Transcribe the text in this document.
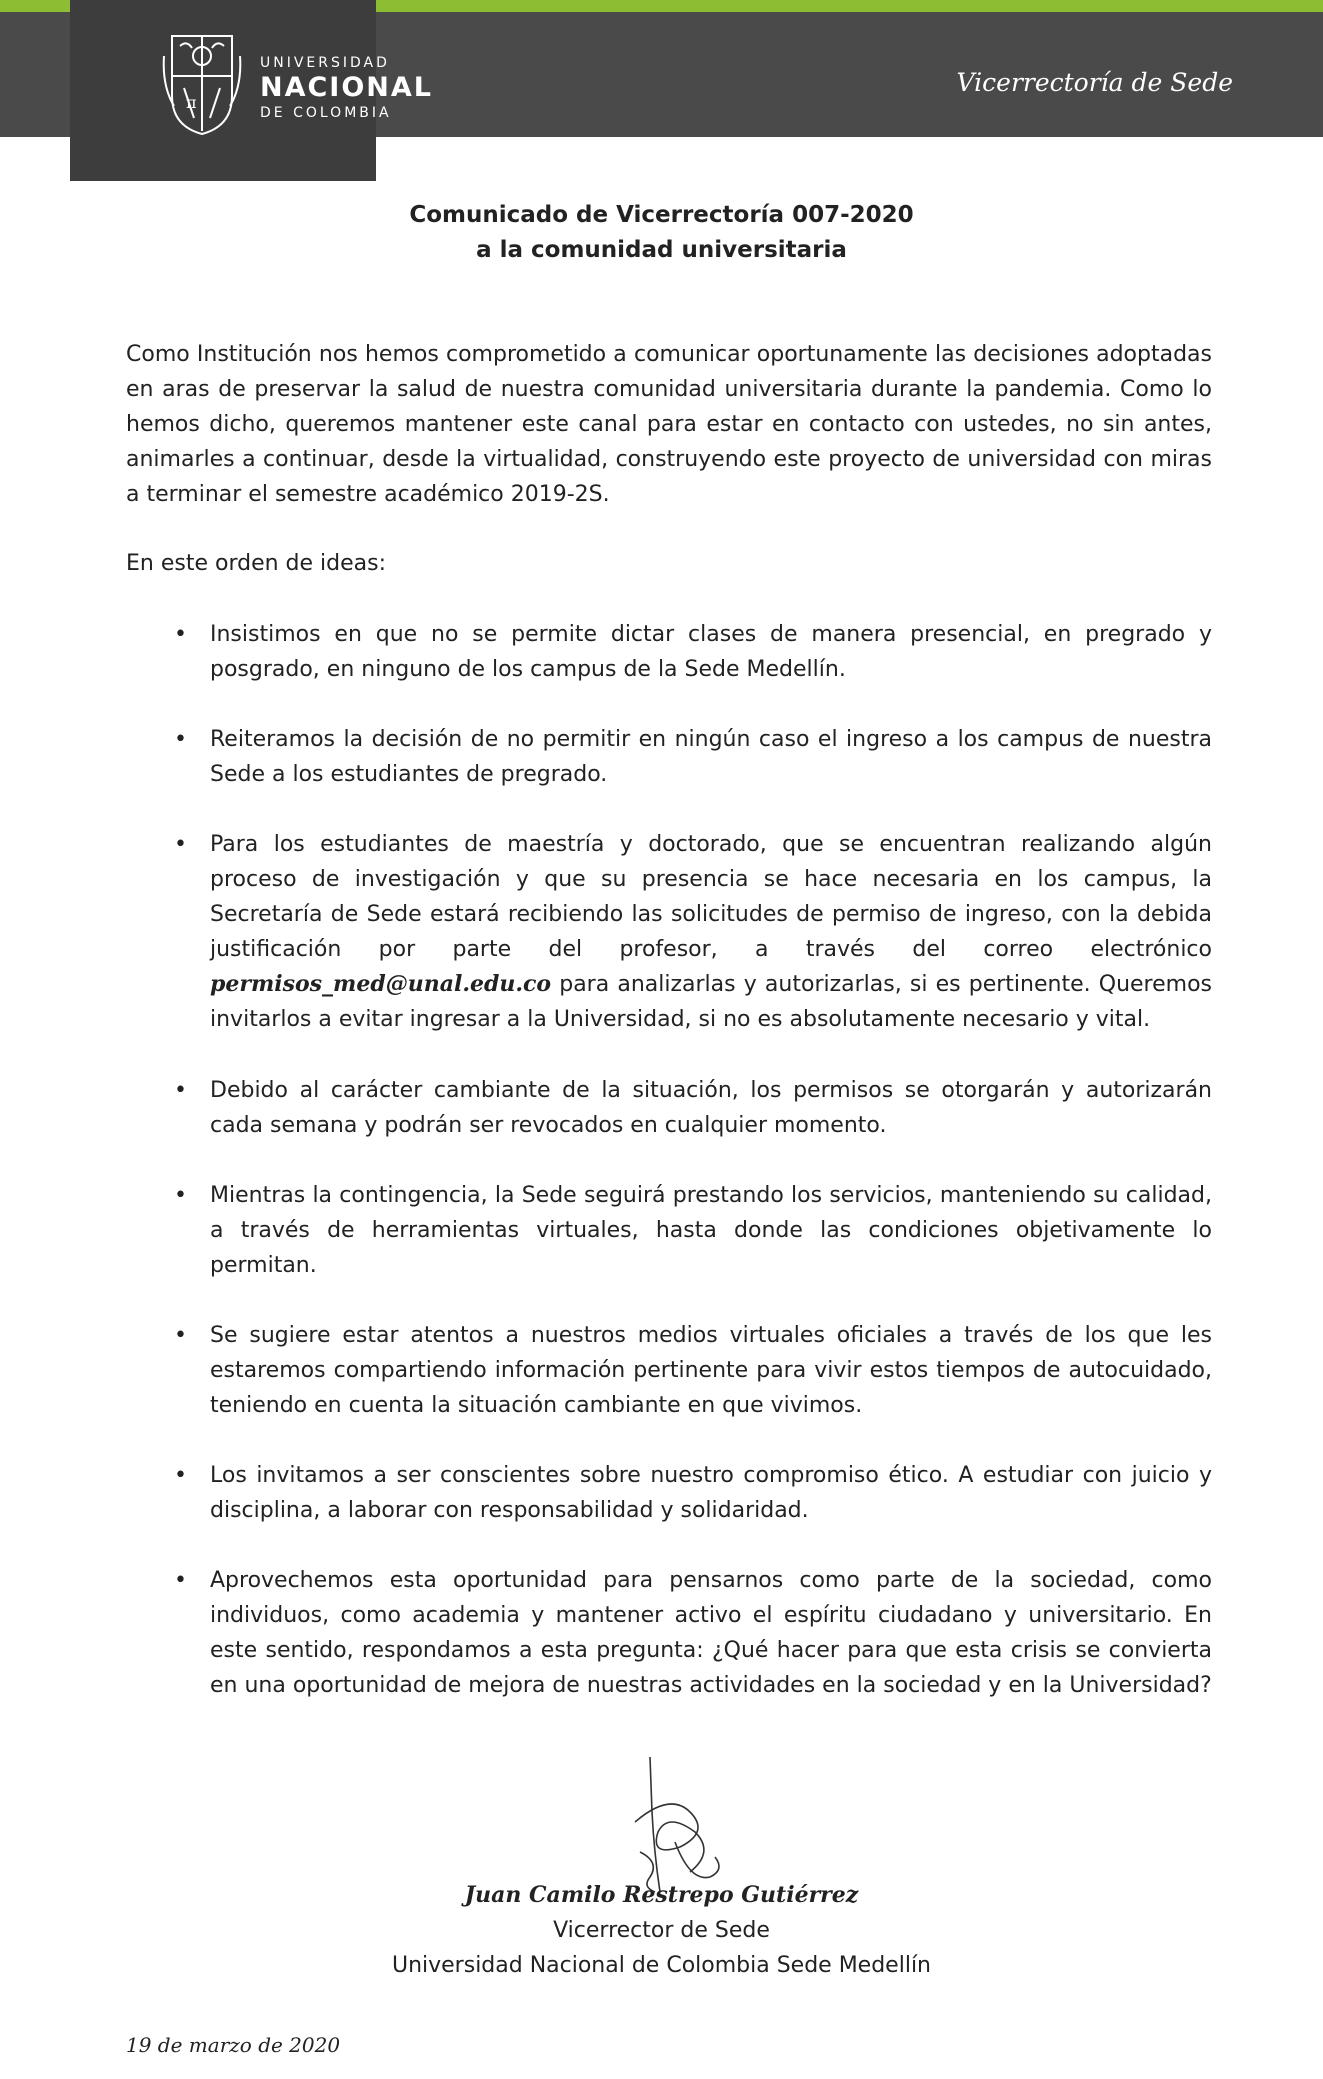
Vicerrectoría de Sede
π
UNIVERSIDAD
NACIONAL
DE COLOMBIA
Comunicado de Vicerrectoría 007-2020
a la comunidad universitaria

Como Institución nos hemos comprometido a comunicar oportunamente las decisiones adoptadas en aras de preservar la salud de nuestra comunidad universitaria durante la pandemia. Como lo hemos dicho, queremos mantener este canal para estar en contacto con ustedes, no sin antes, animarles a continuar, desde la virtualidad, construyendo este proyecto de universidad con miras a terminar el semestre académico 2019-2S.

En este orden de ideas:

• Insistimos en que no se permite dictar clases de manera presencial, en pregrado y posgrado, en ninguno de los campus de la Sede Medellín.
• Reiteramos la decisión de no permitir en ningún caso el ingreso a los campus de nuestra Sede a los estudiantes de pregrado.
• Para los estudiantes de maestría y doctorado, que se encuentran realizando algún proceso de investigación y que su presencia se hace necesaria en los campus, la Secretaría de Sede estará recibiendo las solicitudes de permiso de ingreso, con la debida justificación por parte del profesor, a través del correo electrónico permisos_med@unal.edu.co para analizarlas y autorizarlas, si es pertinente. Queremos invitarlos a evitar ingresar a la Universidad, si no es absolutamente necesario y vital.
• Debido al carácter cambiante de la situación, los permisos se otorgarán y autorizarán cada semana y podrán ser revocados en cualquier momento.
• Mientras la contingencia, la Sede seguirá prestando los servicios, manteniendo su calidad, a través de herramientas virtuales, hasta donde las condiciones objetivamente lo permitan.
• Se sugiere estar atentos a nuestros medios virtuales oficiales a través de los que les estaremos compartiendo información pertinente para vivir estos tiempos de autocuidado, teniendo en cuenta la situación cambiante en que vivimos.
• Los invitamos a ser conscientes sobre nuestro compromiso ético. A estudiar con juicio y disciplina, a laborar con responsabilidad y solidaridad.
• Aprovechemos esta oportunidad para pensarnos como parte de la sociedad, como individuos, como academia y mantener activo el espíritu ciudadano y universitario. En este sentido, respondamos a esta pregunta: ¿Qué hacer para que esta crisis se convierta en una oportunidad de mejora de nuestras actividades en la sociedad y en la Universidad?
Juan Camilo Restrepo Gutiérrez
Vicerrector de Sede
Universidad Nacional de Colombia Sede Medellín
19 de marzo de 2020
